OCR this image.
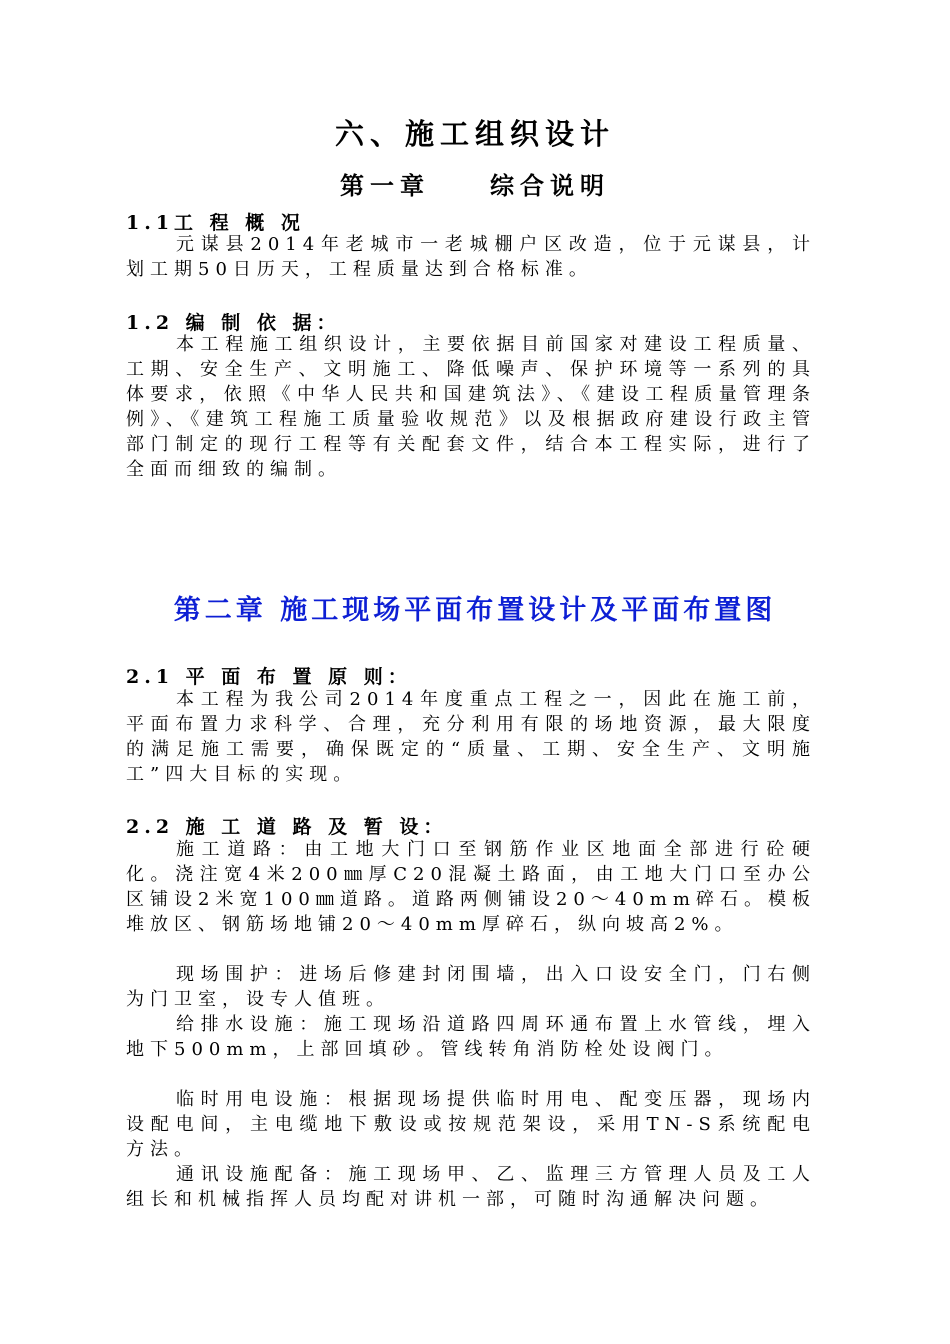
六、施工组织设计
第一章　　综合说明
1.1工 程 概 况
元谋县2014年老城市一老城棚户区改造，位于元谋县，计划工期50日历天，工程质量达到合格标准。
1.2 编 制 依 据：
本工程施工组织设计，主要依据目前国家对建设工程质量、工期、安全生产、文明施工、降低噪声、保护环境等一系列的具体要求，依照《中华人民共和国建筑法》、《建设工程质量管理条例》、《建筑工程施工质量验收规范》以及根据政府建设行政主管部门制定的现行工程等有关配套文件，结合本工程实际，进行了全面而细致的编制。
第二章 施工现场平面布置设计及平面布置图
2.1 平 面 布 置 原 则：
本工程为我公司2014年度重点工程之一，因此在施工前，平面布置力求科学、合理，充分利用有限的场地资源，最大限度的满足施工需要，确保既定的“质量、工期、安全生产、文明施工”四大目标的实现。
2.2 施 工 道 路 及 暂 设：
施工道路：由工地大门口至钢筋作业区地面全部进行砼硬化。浇注宽4米200㎜厚C20混凝土路面，由工地大门口至办公区铺设2米宽100㎜道路。道路两侧铺设20～40mm碎石。模板堆放区、钢筋场地铺20～40mm厚碎石，纵向坡高2%。
现场围护：进场后修建封闭围墙，出入口设安全门，门右侧为门卫室，设专人值班。
给排水设施：施工现场沿道路四周环通布置上水管线，埋入地下500mm，上部回填砂。管线转角消防栓处设阀门。
临时用电设施：根据现场提供临时用电、配变压器，现场内设配电间，主电缆地下敷设或按规范架设，采用TN-S系统配电方法。
通讯设施配备：施工现场甲、乙、监理三方管理人员及工人组长和机械指挥人员均配对讲机一部，可随时沟通解决问题。
